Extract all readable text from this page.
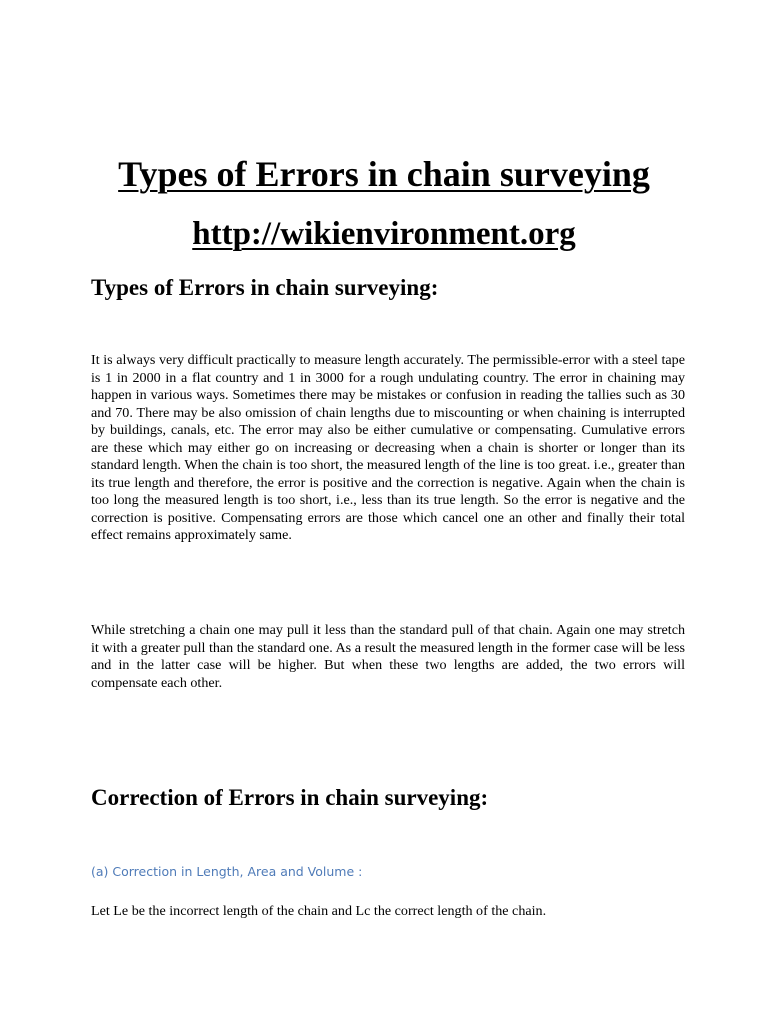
Types of Errors in chain surveying
http://wikienvironment.org
Types of Errors in chain surveying:
It is always very difficult practically to measure length accurately. The permissible-error with a steel tape is 1 in 2000 in a flat country and 1 in 3000 for a rough undulating country. The error in chaining may happen in various ways. Sometimes there may be mistakes or confusion in reading the tallies such as 30 and 70. There may be also omission of chain lengths due to miscounting or when chaining is interrupted by buildings, canals, etc. The error may also be either cumulative or compensating. Cumulative errors are these which may either go on increasing or decreasing when a chain is shorter or longer than its standard length. When the chain is too short, the measured length of the line is too great. i.e., greater than its true length and therefore, the error is positive and the correction is negative. Again when the chain is too long the measured length is too short, i.e., less than its true length. So the error is negative and the correction is positive. Compensating errors are those which cancel one an other and finally their total effect remains approximately same.
While stretching a chain one may pull it less than the standard pull of that chain. Again one may stretch it with a greater pull than the standard one. As a result the measured length in the former case will be less and in the latter case will be higher. But when these two lengths are added, the two errors will compensate each other.
Correction of Errors in chain surveying:
(a) Correction in Length, Area and Volume :
Let Le be the incorrect length of the chain and Lc the correct length of the chain.
